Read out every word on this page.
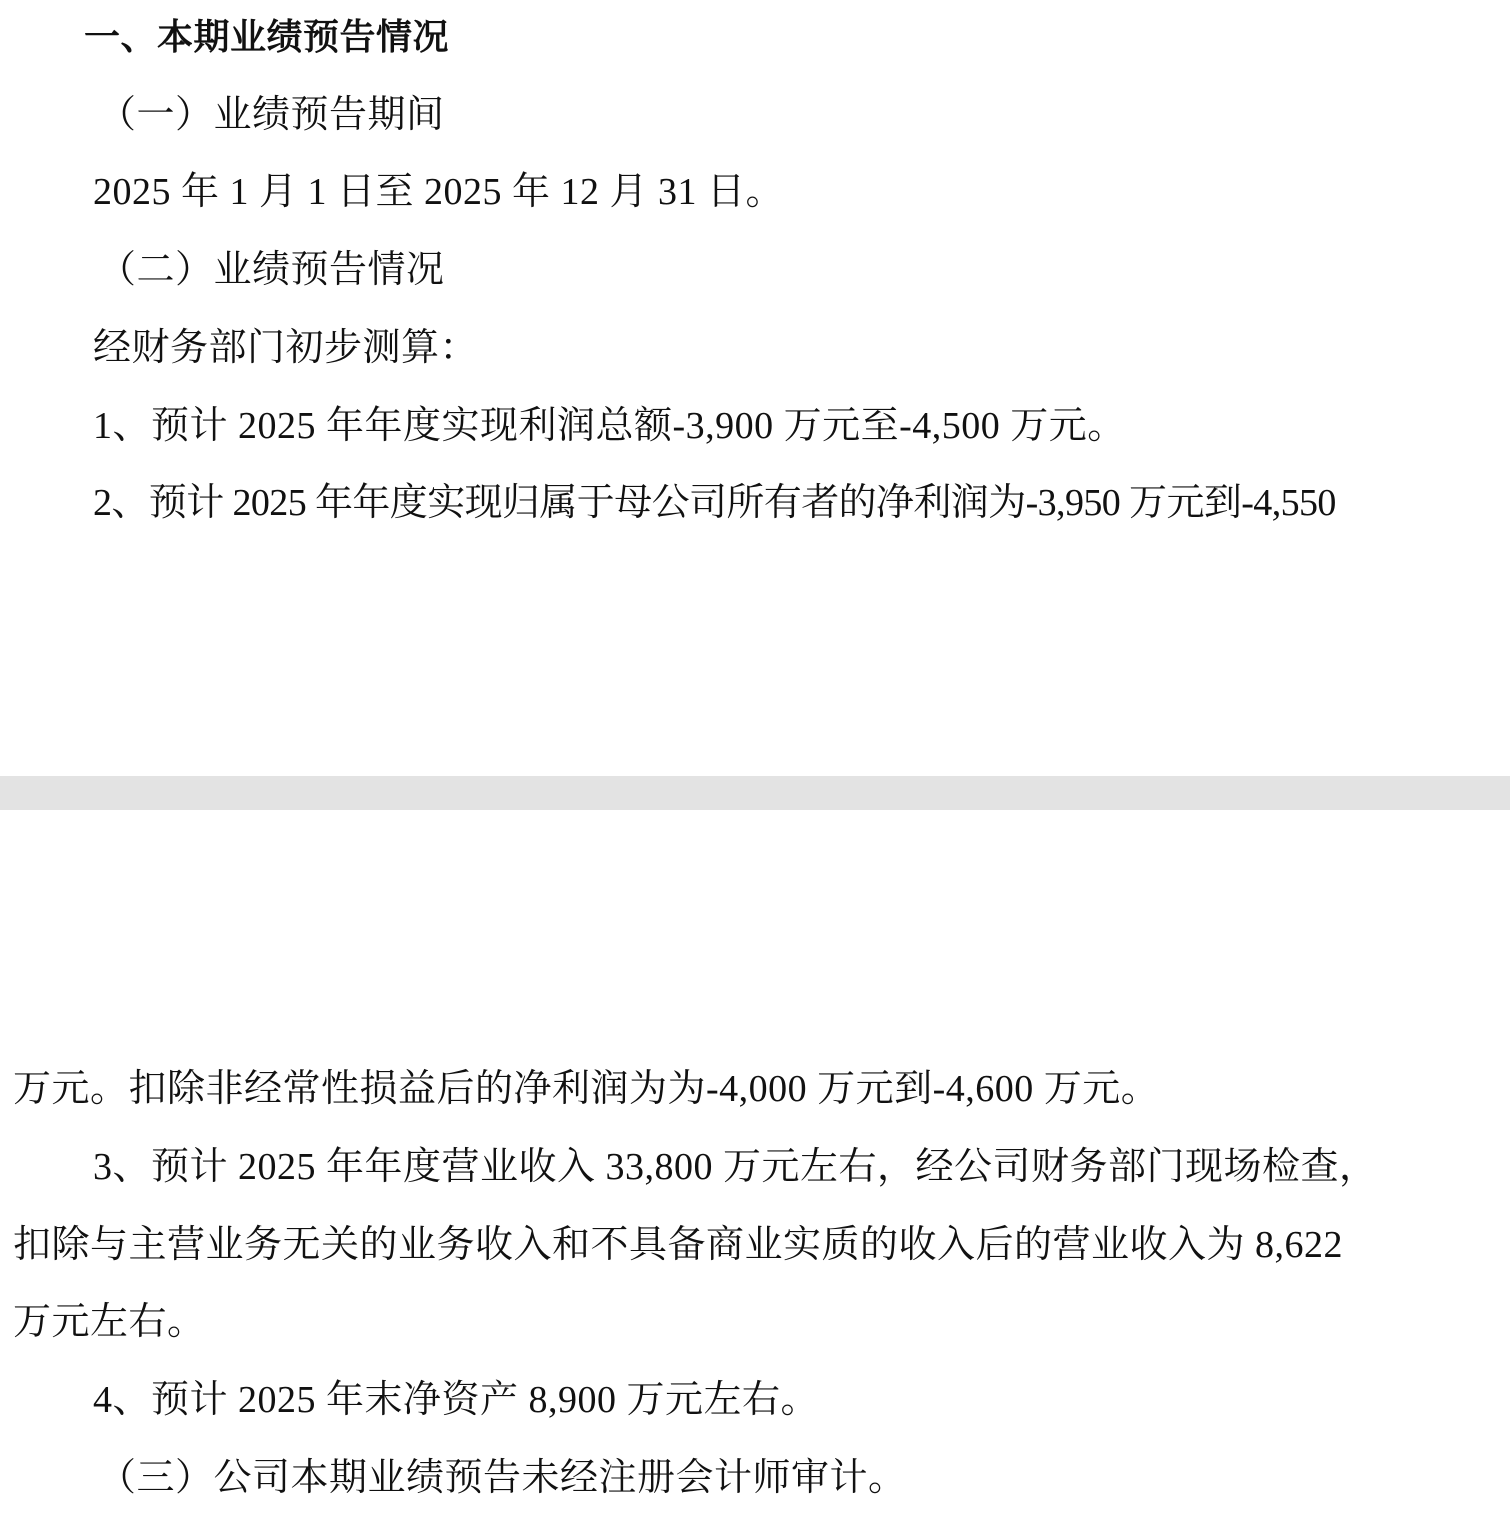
一、本期业绩预告情况
（一）业绩预告期间
2025 年 1 月 1 日至 2025 年 12 月 31 日。
（二）业绩预告情况
经财务部门初步测算：
1、预计 2025 年年度实现利润总额-3,900 万元至-4,500 万元。
2、预计 2025 年年度实现归属于母公司所有者的净利润为-3,950 万元到-4,550
万元。扣除非经常性损益后的净利润为为-4,000 万元到-4,600 万元。
3、预计 2025 年年度营业收入 33,800 万元左右，经公司财务部门现场检查，
扣除与主营业务无关的业务收入和不具备商业实质的收入后的营业收入为 8,622
万元左右。
4、预计 2025 年末净资产 8,900 万元左右。
（三）公司本期业绩预告未经注册会计师审计。
